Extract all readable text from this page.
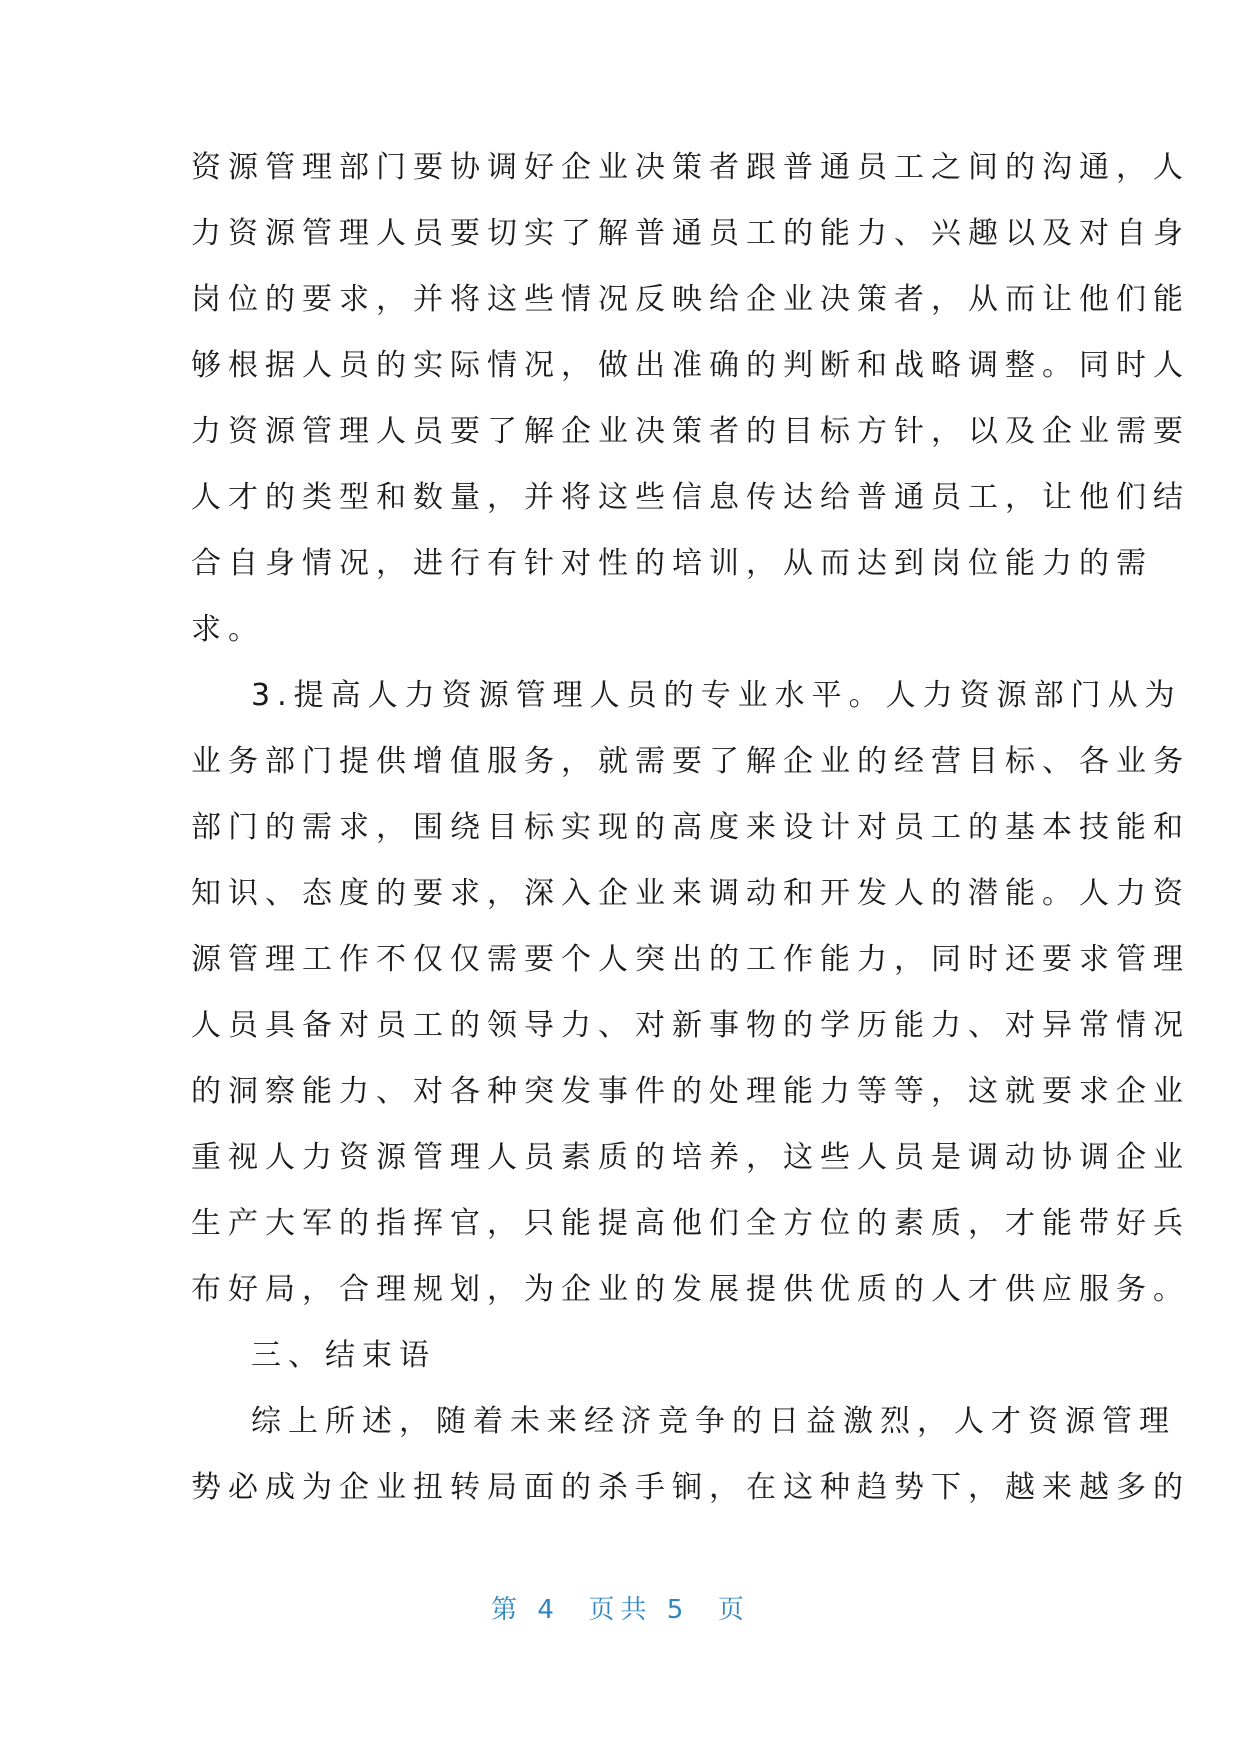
资源管理部门要协调好企业决策者跟普通员工之间的沟通，人
力资源管理人员要切实了解普通员工的能力、兴趣以及对自身
岗位的要求，并将这些情况反映给企业决策者，从而让他们能
够根据人员的实际情况，做出准确的判断和战略调整。同时人
力资源管理人员要了解企业决策者的目标方针，以及企业需要
人才的类型和数量，并将这些信息传达给普通员工，让他们结
合自身情况，进行有针对性的培训，从而达到岗位能力的需
求。
3.提高人力资源管理人员的专业水平。人力资源部门从为
业务部门提供增值服务，就需要了解企业的经营目标、各业务
部门的需求，围绕目标实现的高度来设计对员工的基本技能和
知识、态度的要求，深入企业来调动和开发人的潜能。人力资
源管理工作不仅仅需要个人突出的工作能力，同时还要求管理
人员具备对员工的领导力、对新事物的学历能力、对异常情况
的洞察能力、对各种突发事件的处理能力等等，这就要求企业
重视人力资源管理人员素质的培养，这些人员是调动协调企业
生产大军的指挥官，只能提高他们全方位的素质，才能带好兵
布好局，合理规划，为企业的发展提供优质的人才供应服务。
三、结束语
综上所述，随着未来经济竞争的日益激烈，人才资源管理
势必成为企业扭转局面的杀手锏，在这种趋势下，越来越多的
第 4  页共 5  页
